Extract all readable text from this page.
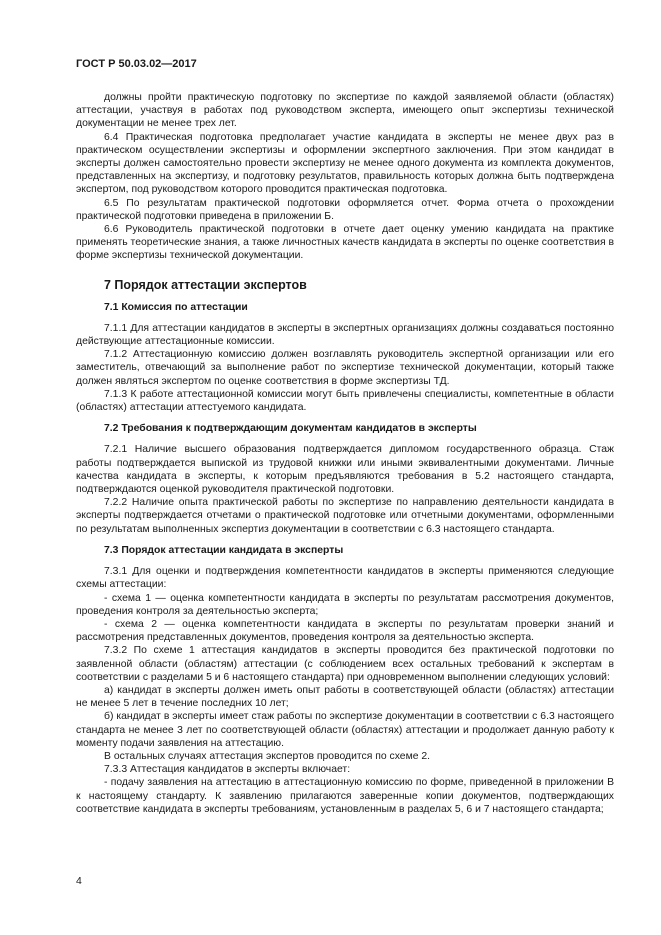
ГОСТ Р 50.03.02—2017

должны пройти практическую подготовку по экспертизе по каждой заявляемой области (областях) аттестации, участвуя в работах под руководством эксперта, имеющего опыт экспертизы технической документации не менее трех лет.

6.4 Практическая подготовка предполагает участие кандидата в эксперты не менее двух раз в практическом осуществлении экспертизы и оформлении экспертного заключения. При этом кандидат в эксперты должен самостоятельно провести экспертизу не менее одного документа из комплекта документов, представленных на экспертизу, и подготовку результатов, правильность которых должна быть подтверждена экспертом, под руководством которого проводится практическая подготовка.

6.5 По результатам практической подготовки оформляется отчет. Форма отчета о прохождении практической подготовки приведена в приложении Б.

6.6 Руководитель практической подготовки в отчете дает оценку умению кандидата на практике применять теоретические знания, а также личностных качеств кандидата в эксперты по оценке соответствия в форме экспертизы технической документации.

7 Порядок аттестации экспертов

7.1 Комиссия по аттестации

7.1.1 Для аттестации кандидатов в эксперты в экспертных организациях должны создаваться постоянно действующие аттестационные комиссии.

7.1.2 Аттестационную комиссию должен возглавлять руководитель экспертной организации или его заместитель, отвечающий за выполнение работ по экспертизе технической документации, который также должен являться экспертом по оценке соответствия в форме экспертизы ТД.

7.1.3 К работе аттестационной комиссии могут быть привлечены специалисты, компетентные в области (областях) аттестации аттестуемого кандидата.

7.2 Требования к подтверждающим документам кандидатов в эксперты

7.2.1 Наличие высшего образования подтверждается дипломом государственного образца. Стаж работы подтверждается выпиской из трудовой книжки или иными эквивалентными документами. Личные качества кандидата в эксперты, к которым предъявляются требования в 5.2 настоящего стандарта, подтверждаются оценкой руководителя практической подготовки.

7.2.2 Наличие опыта практической работы по экспертизе по направлению деятельности кандидата в эксперты подтверждается отчетами о практической подготовке или отчетными документами, оформленными по результатам выполненных экспертиз документации в соответствии с 6.3 настоящего стандарта.

7.3 Порядок аттестации кандидата в эксперты

7.3.1 Для оценки и подтверждения компетентности кандидатов в эксперты применяются следующие схемы аттестации:

- схема 1 — оценка компетентности кандидата в эксперты по результатам рассмотрения документов, проведения контроля за деятельностью эксперта;

- схема 2 — оценка компетентности кандидата в эксперты по результатам проверки знаний и рассмотрения представленных документов, проведения контроля за деятельностью эксперта.

7.3.2 По схеме 1 аттестация кандидатов в эксперты проводится без практической подготовки по заявленной области (областям) аттестации (с соблюдением всех остальных требований к экспертам в соответствии с разделами 5 и 6 настоящего стандарта) при одновременном выполнении следующих условий:

а) кандидат в эксперты должен иметь опыт работы в соответствующей области (областях) аттестации не менее 5 лет в течение последних 10 лет;

б) кандидат в эксперты имеет стаж работы по экспертизе документации в соответствии с 6.3 настоящего стандарта не менее 3 лет по соответствующей области (областях) аттестации и продолжает данную работу к моменту подачи заявления на аттестацию.

В остальных случаях аттестация экспертов проводится по схеме 2.

7.3.3 Аттестация кандидатов в эксперты включает:

- подачу заявления на аттестацию в аттестационную комиссию по форме, приведенной в приложении В к настоящему стандарту. К заявлению прилагаются заверенные копии документов, подтверждающих соответствие кандидата в эксперты требованиям, установленным в разделах 5, 6 и 7 настоящего стандарта;

4
